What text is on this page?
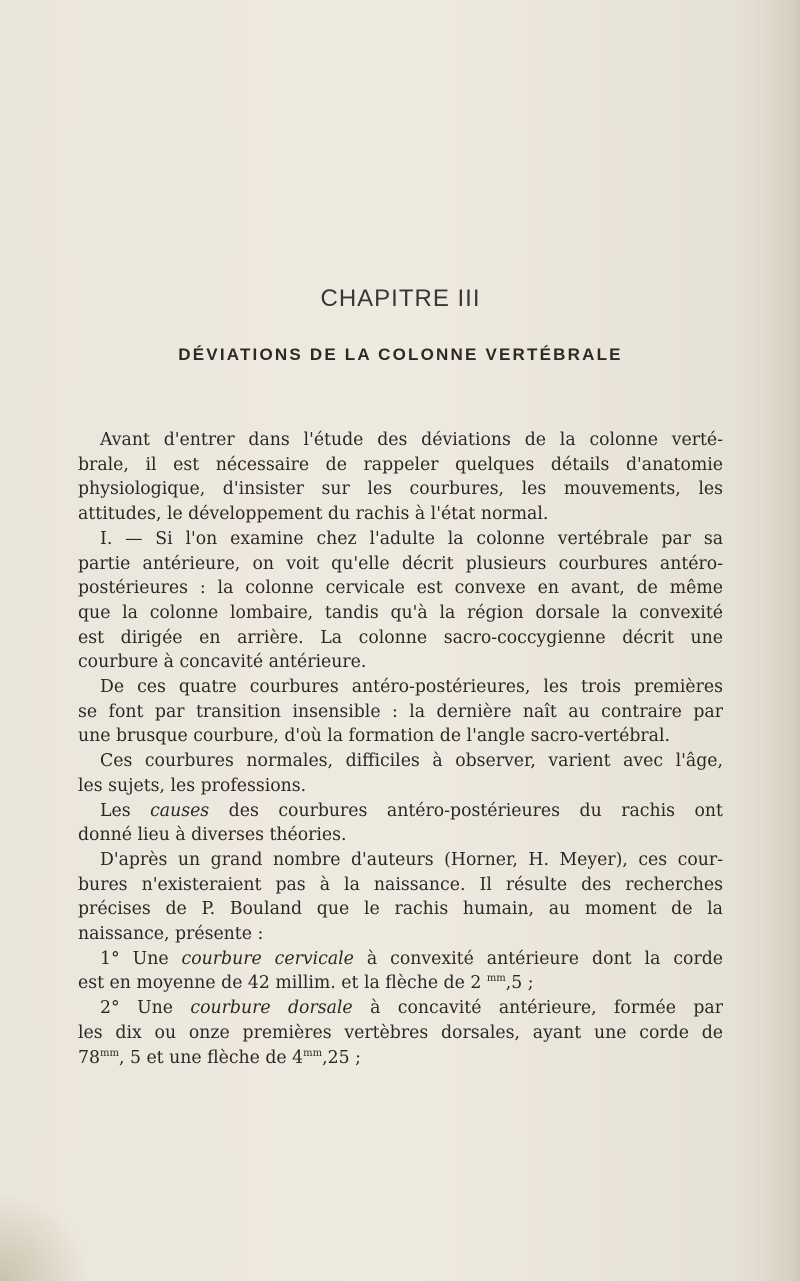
CHAPITRE III
DÉVIATIONS DE LA COLONNE VERTÉBRALE

Avant d'entrer dans l'étude des déviations de la colonne verté-
brale, il est nécessaire de rappeler quelques détails d'anatomie
physiologique, d'insister sur les courbures, les mouvements, les
attitudes, le développement du rachis à l'état normal.

I. — Si l'on examine chez l'adulte la colonne vertébrale par sa
partie antérieure, on voit qu'elle décrit plusieurs courbures antéro-
postérieures : la colonne cervicale est convexe en avant, de même
que la colonne lombaire, tandis qu'à la région dorsale la convexité
est dirigée en arrière. La colonne sacro-coccygienne décrit une
courbure à concavité antérieure.

De ces quatre courbures antéro-postérieures, les trois premières
se font par transition insensible : la dernière naît au contraire par
une brusque courbure, d'où la formation de l'angle sacro-vertébral.

Ces courbures normales, difficiles à observer, varient avec l'âge,
les sujets, les professions.

Les causes des courbures antéro-postérieures du rachis ont
donné lieu à diverses théories.

D'après un grand nombre d'auteurs (Horner, H. Meyer), ces cour-
bures n'existeraient pas à la naissance. Il résulte des recherches
précises de P. Bouland que le rachis humain, au moment de la
naissance, présente :

1° Une courbure cervicale à convexité antérieure dont la corde
est en moyenne de 42 millim. et la flèche de 2 $^{mm}$,5 ;

2° Une courbure dorsale à concavité antérieure, formée par
les dix ou onze premières vertèbres dorsales, ayant une corde de
$78^{mm}$, 5 et une flèche de $4^{mm},25$ ;
